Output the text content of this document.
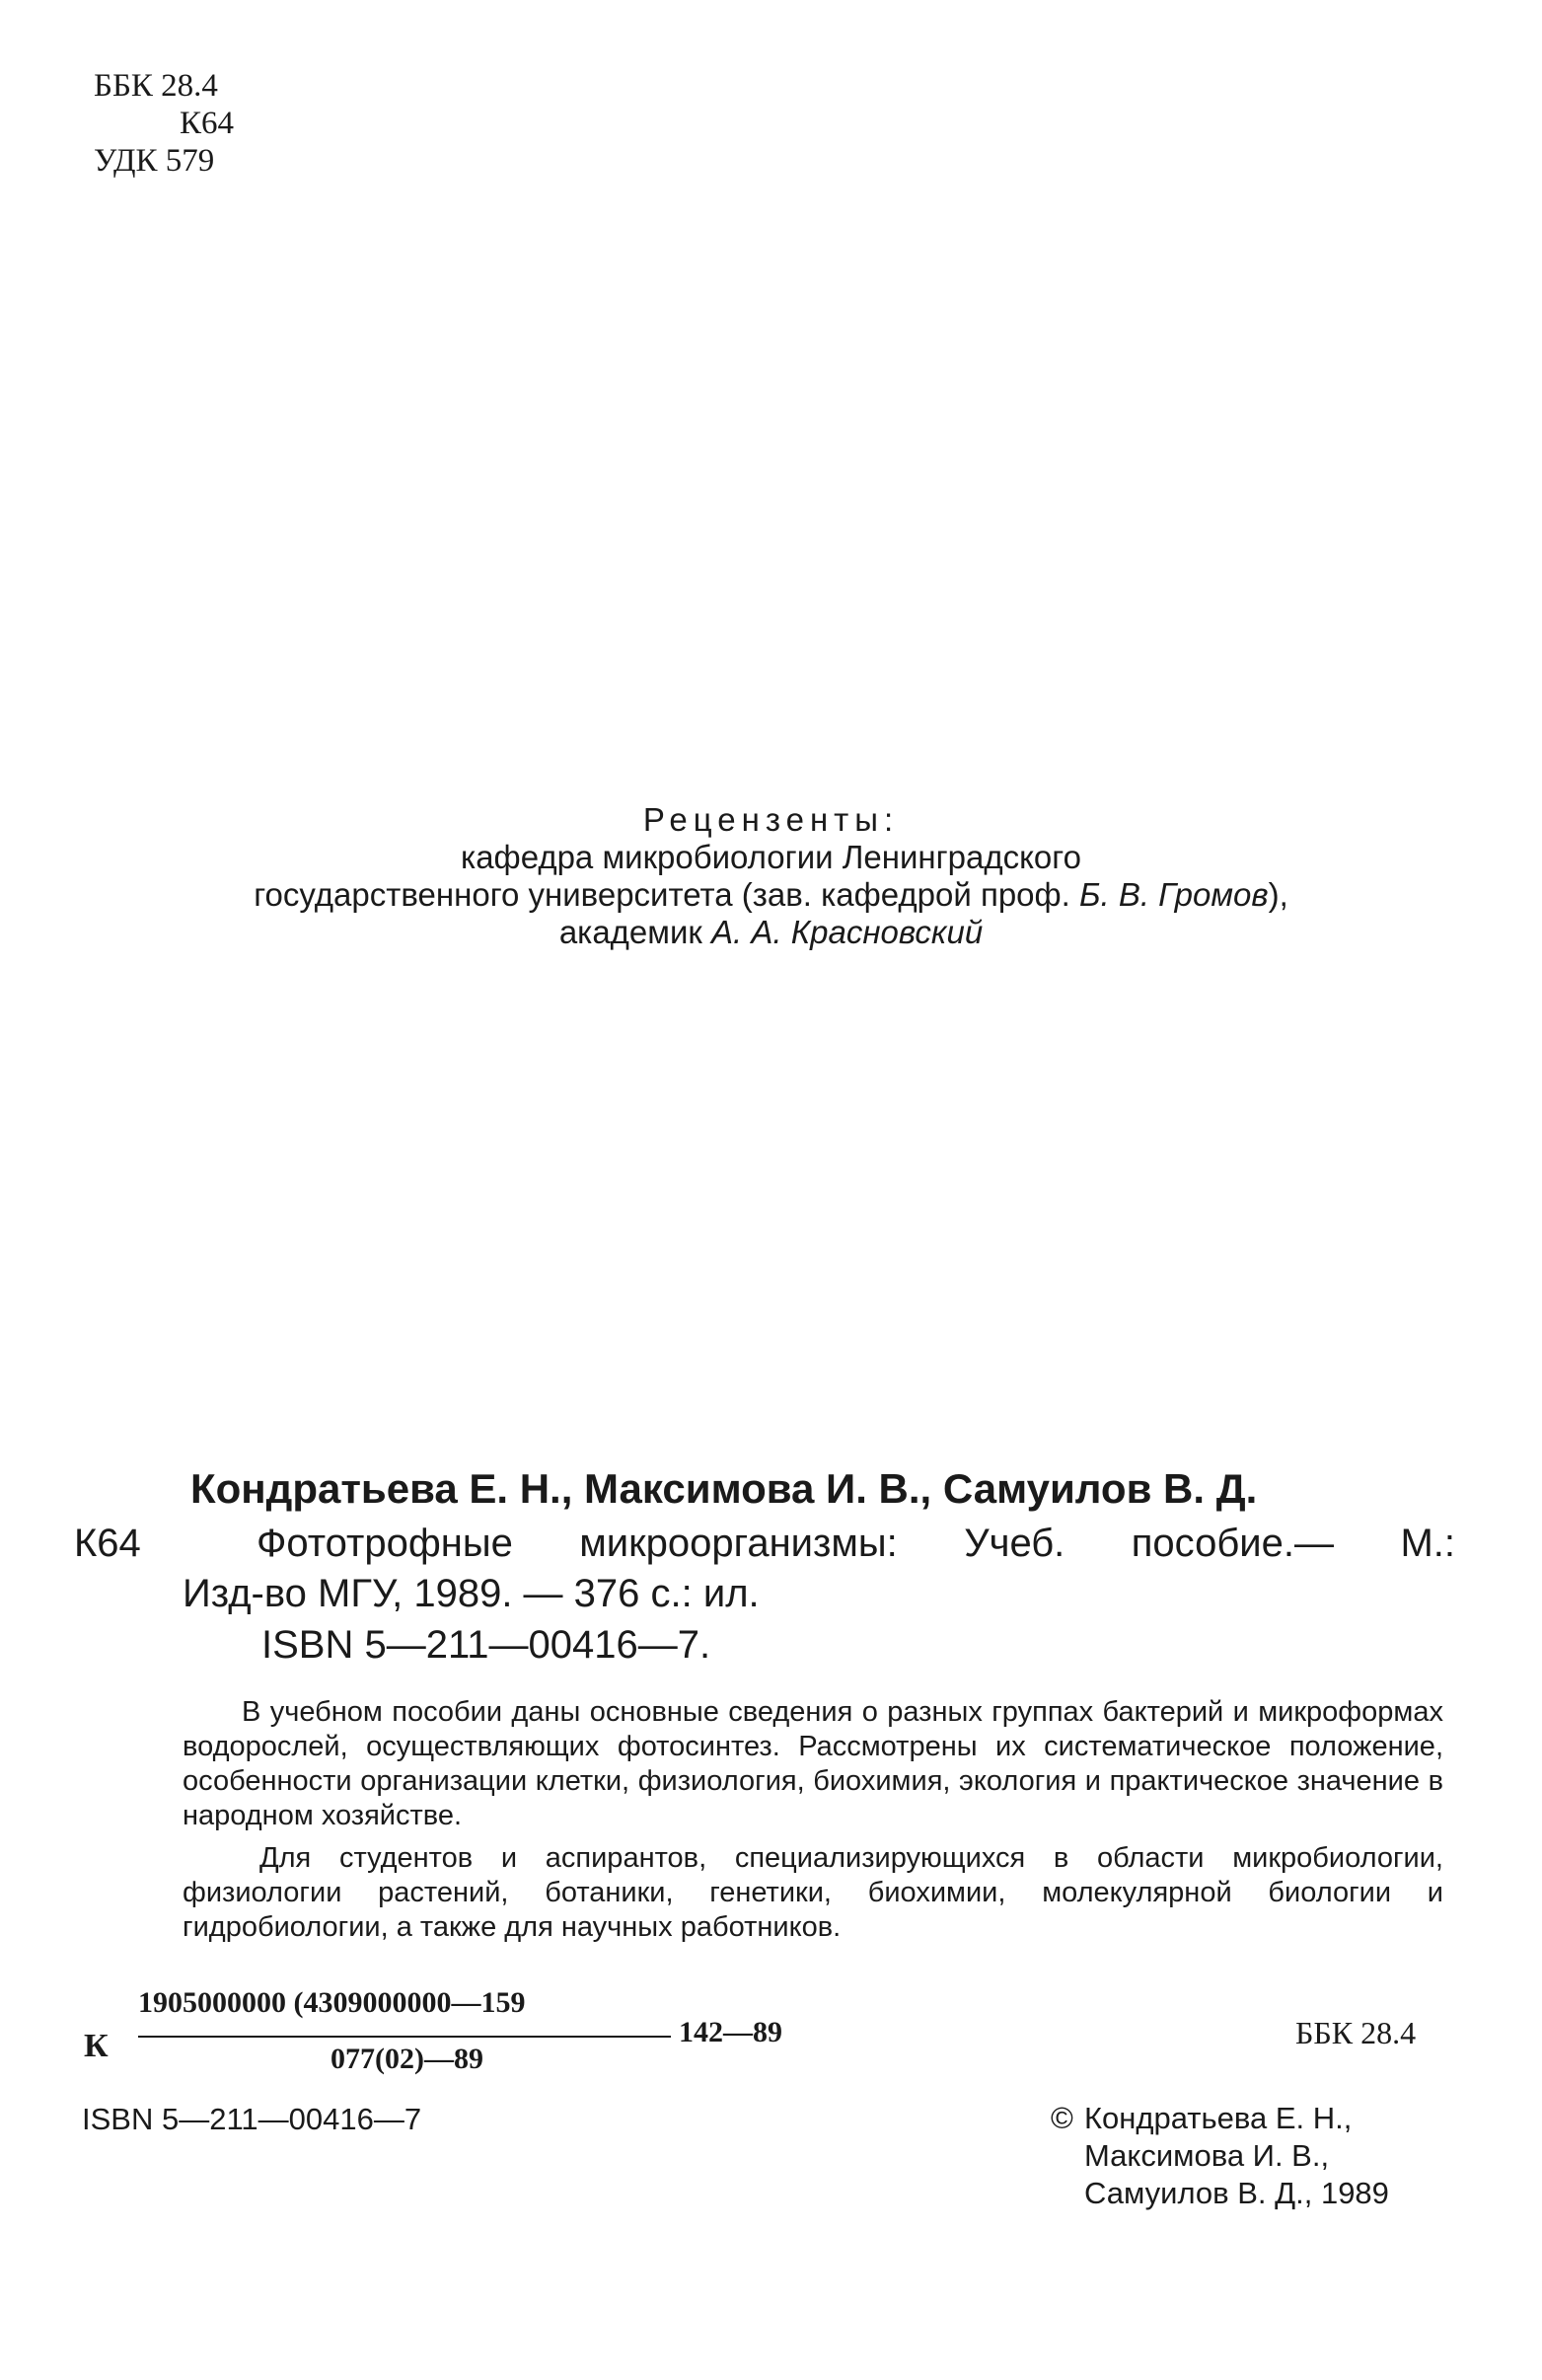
ББК 28.4
К64
УДК 579
Рецензенты:
кафедра микробиологии Ленинградского
государственного университета (зав. кафедрой проф. Б. В. Громов),
академик А. А. Красновский
Кондратьева Е. Н., Максимова И. В., Самуилов В. Д.
К64	Фототрофные микроорганизмы: Учеб. пособие.— М.:
Изд-во МГУ, 1989. — 376 с.: ил.
ISBN 5—211—00416—7.

В учебном пособии даны основные сведения о разных группах бактерий и микроформах водорослей, осуществляющих фотосинтез. Рассмотрены их систематическое положение, особенности организации клетки, физиология, биохимия, экология и практическое значение в народном хозяйстве.

Для студентов и аспирантов, специализирующихся в области микробиологии, физиологии растений, ботаники, генетики, биохимии, молекулярной биологии и гидробиологии, а также для научных работников.

К
1905000000 (4309000000—159
077(02)—89
142—89	ББК 28.4
ISBN 5—211—00416—7	© Кондратьева Е. Н.,
Максимова И. В.,
Самуилов В. Д., 1989
